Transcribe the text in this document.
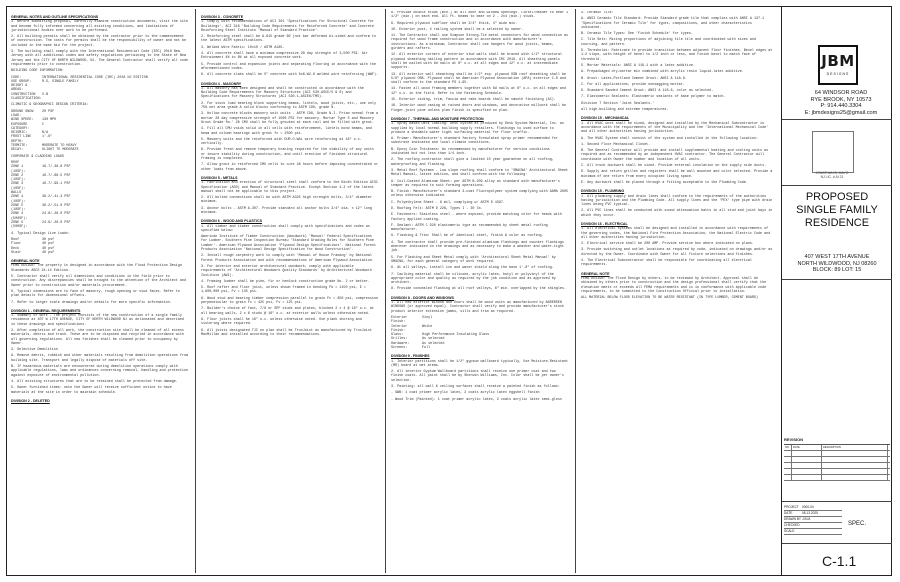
GENERAL NOTES AND OUTLINE SPECIFICATIONS
1. Before submitting proposal, carefully examine construction documents, visit the site and become fully informed concerning all existing conditions, and limitations of jurisdictional bodies over work to be performed.
2. All building permits shall be obtained by the contractor prior to the commencement of construction. The costs for permits shall be the responsibility of owner and not be included in the base bid for the project.
3. The building shall comply with the International Residential Code (IRC) 2018 New Jersey with all additional codes and safety regulations pertaining to the State of New Jersey and the CITY OF NORTH WILDWOOD, NJ. The General Contractor shall verify all code requirements prior to construction.
BUILDING CODE INFORMATION:
CODE:	INTERNATIONAL RESIDENTIAL CODE (IRC) 2018 NJ EDITION
USE GROUP:	R-5, SINGLE FAMILY
HEIGHT & AREAS:
CONSTRUCTION CLASSIFICATION:
V-B
CLIMATIC & GEOGRAPHIC DESIGN CRITERIA:
GROUND SNOW LOAD:
20 PSF
WIND SPEED:	130 MPH
EXPOSURE CATEGORY:
C
SEISMIC:	N/A
FROST LINE DEPTH:
1'-6"
TERMITE:	MODERATE TO HEAVY
DECAY:	SLIGHT TO MODERATE
CORPORATE & CLADDING LOADS
ROOF
ZONE 1 (10SF):
16.7/-38.8 PSF
ZONE 2 (10SF):
16.7/-68.5 PSF
ZONE 3 (10SF):
16.7/-99.1 PSF
WALLS
ZONE 4 (10SF):
38.2/-41.3 PSF
ZONE 5 (10SF):
38.2/-51.0 PSF
ZONE 4 (500SF):
24.8/-28.0 PSF
ZONE 5 (500SF):
24.8/-28.0 PSF
4. Typical Design Live Loads:
Roof	30 psf
Floor	40 psf
Deck	40 psf
Stair	40 psf
GENERAL NOTE
FEMA DESIGN: The property is designed in accordance with the Flood Protection Design Standards ASCE 24-14 Edition.
5. Contractor shall verify all dimensions and conditions in the field prior to construction. Any discrepancies shall be brought to the attention of the Architect and Owner prior to construction and/or materials procurement.
6. Typical dimensions are to face of masonry, rough opening or stud faces. Refer to plan details for dimensional offsets.
7. Refer to larger scale drawings and/or details for more specific information.
DIVISION 1 - GENERAL REQUIREMENTS
1. Summary of Work - The project consists of the new construction of a single family residence at 407 W 17TH AVENUE, CITY OF NORTH WILDWOOD NJ as delineated and described in these drawings and specifications.
2. After completion of all work, the construction site shall be cleaned of all excess materials, debris and trash. These are to be disposed and recycled in accordance with all governing regulations. All new finishes shall be cleaned prior to occupancy by Owner.
3. Selective Demolition
A. Remove debris, rubbish and other materials resulting from demolition operations from building site. Transport and legally dispose of materials off site.
B. If hazardous materials are encountered during demolition operations comply with applicable regulations, laws and ordinances concerning removal, handling and protection against exposure of environmental pollution.
4. All existing structures that are to be retained shall be protected from damage.
5. Owner furnished items: note the Owner will receive sufficient notice to have materials at the site in order to maintain schedule.
DIVISION 2 - DELETED
DIVISION 3 - CONCRETE
1. Comply with recommendations of ACI 301 'Specifications for Structural Concrete for Buildings', ACI 318 'Building Code Requirements for Reinforced Concrete' and Concrete Reinforcing Steel Institute 'Manual of Standard Practice'.
2. Reinforcing steel shall be A-615 grade 60 (not bar deformed bi-sided and conform to the latest ASTM specifications.
3. Welded Wire Fabric: 10x10 / ASTM A185.
4. All concrete shall have a minimum compressive 28 day strength of 3,500 PSI. Air Entrainment 4% to 6% at all exposed concrete work.
5. Provide control and expansion joints and separating flooring in accordance with the aforementioned codes.
6. All concrete slabs shall be 5" concrete with 6x6-W2.9 welded wire reinforcing (WWF).
DIVISION 4 - MASONRY
1. All masonry has been designed and shall be constructed in accordance with the Building Code Requirements for Masonry Structures (ACI 530-ASCE/5 & 6) and Specifications for Masonry Structures (ACI 530.1-ASCE6/TMS).
2. For stock load bearing block supporting beams, lintels, wood joists, etc., use only 75% net area grade A solid blocks conforming to ASTM C90, grade N.
3. Hollow concrete blocks masonry unit units - ASTM C90, Grade N-I. Prism normal from a mortar 28 day compressive strength of 1500 PSI for masonry. Mortar Type S and Masonry Grout Grade fm.' 28 CMU shall be fully grouted at each rail and be filled with grout.
4. Fill all CMU voids solid in all cells with reinforcement, lintels bond beams, and beam and column bearings with grout fc = 2500 psi.
5. Masonry units and the reinforced with DUR-O-WAL wire reinforcing at 16" o.c. vertically.
6. Provide fresh and remove temporary bracing required for the stability of any units or insure stability during construction, and until erection of finished structural framing is completed.
7. Allow grout in reinforced CMU cells to cure 48 hours before imposing concentrated or other loads from above.
DIVISION 5 - METALS
1. Fabrication and erection of structural steel shall conform to the Ninth Edition AISC Specification (ASD) and Manual of Standard Practice. Except Section 4.2 of the latest manual shall not be applicable to this project.
2. All bolted connections shall be with ASTM A325 high strength bolts, 3/4" diameter minimum.
3. Anchor bolts - ASTM A-307. Provide standard all anchor bolts 3/4" dia. x 12" long minimum.
DIVISION 6 - WOOD AND PLASTICS
1. All timber and timber construction shall comply with specifications and codes as specified below:
American Institute of Timber Construction (Woodwork) 'Manual' Federal Specifications for Lumber. Southern Pine Inspection Bureau 'Standard Grading Rules for Southern Pine Lumber'. American Plywood Association 'Plywood Design Specifications'. National Forest Products Association 'National Design Specification for Wood Construction'.
2. Install rough carpentry work to comply with 'Manual of House Framing' by National Forest Products Association and with recommendations of American Plywood Association.
3. For interior and exterior architectural woodwork, comply with applicable requirements of 'Architectural Woodwork Quality Standards' by Architectural Woodwork Institute (AWI).
4. Framing lumber shall be pine, fir or hemlock construction grade No. 2 or better.
5. Roof rafter and floor joist, unless shown framed in bending Fb = 1150 psi, E = 1,600,000 psi, Fv = 135 psi.
6. Wood stud and bearing timber compression parallel to grain Fc = 850 psi, compression perpendicular to grain Fc = 425 psi, Fv = 125 psi.
7. Builder's choice of fast, 7/8 or SPF studs and plates, blocked 2 x 4 @ 16" o.c. at all bearing walls, 2 x 6 studs @ 16" o.c. at exterior walls unless otherwise noted.
8. Floor joists shall be 16" o.c. unless otherwise noted. Use plank shoring and sistering where required.
9. All joists designated TJI on plan shall be TrusJoist as manufactured by TrusJoist MacMillan and installed according to their recommendations.
8. Provide double studs (min.) at all door and window openings. Lintel/Header to bear 1 1/2" (min.) on each end. All ft. beams to bear on 2 - 2x4 (min.) studs.
9. Required plywood subfloor shall be 3/4" thick, 4" wide min.
10. Exterior post, 4 railing system shall be a selected by owner.
11. The Contractor shall use Simpson Strong-Tie metal connectors for wood connection as required for wood frame construction and in accordance with manufacturer's instructions. As a minimum, Contractor shall use hangers for wood joists, beams, girders and rafters.
12. All exterior corners of exterior stud walls shall be braced with 1/2" structural plywood sheathing nailing pattern in accordance with IRC 2018. All sheathing panels shall be nailed with 8d nails at 6" o.c. at all edges and 12" o.c. at intermediate supports.
13. All exterior wall sheathing shall be 1/2" exp. plywood OSB roof sheathing shall be 5/8" plywood OSB. Plywood shall be American Plywood Association (APA) exterior C-D and shall conform to the standard PS 1-95.
14. Fasten all wood framing members together with 8d nails at 6" o.c. on all edges and 12" o.c. in the field. Refer to the Fastening Schedule.
15. Exterior siding, trim, fascia and rake boards shall be smooth finishing (AC).
16. Interior wood casing at raised doors and windows, and decorative millwork shall be finger-joint pine unless plan finish is specified on plan.
DIVISION 7 - THERMAL AND MOISTURE PROTECTION
1. Spray Based Deck Coating: Desk System as produced by Desk System Material, Inc. as supplied by local normal building supply retailers. Flashings to used surface to produce a shedable water tight surfacing material for floor traffic.
A. Primer: Manufacturer's standard factory formulated spray primer recommended for substrate indicated and local climate conditions.
B. Epoxy Coin Thickness: As recommended by manufacturer for service conditions indicated but not less than 1/4 inch.
2. The roofing contractor shall give a limited 10 year guarantee on all roofing, waterproofing and flashing.
3. Metal Roof Systems - Low slope roofing shall conform to 'SMACNA' Architectural Sheet Metal Manual, latest edition, and shall conform with the following:
A. Coil-Coated Aluminum Sheet: per ASTM B-209 alloy as standard with manufacturer's temper as required to suit forming operations.
B. Finish: Manufacturer's standard 3-coat Fluoropolymer system complying with AAMA 2605 unless otherwise indicated.
C. Polyethylene Sheet - 6 mil, complying w/ ASTM D 4397.
D. Roofing Felt: ASTM D 226, Types I - 30 lb.
E. Fasteners: Stainless steel - where exposed, provide matching color for heads with factory applied coating.
F. Sealant: ASTM C 920 elastomeric type as recommended by sheet metal roofing manufacturer.
G. Flashing & Trim: Shall be of identical steel, finish & color as roofing.
4. The contractor shall provide pre-finished aluminum flashings and counter flashings wherever indicated on the drawings and as necessary to make a weather and water-tight job.
5. For Flashing and Sheet Metal comply with 'Architectural Sheet Metal Manual' by SMACNA, for each general category of work required.
6. At all valleys, install ice and water shield along the base 1'-6" of roofing.
7. Caulking material shall be silicone, acrylic latex, butyl or polyvinyl of the appropriate color and quality as required by the job condition and as approved by architect.
8. Provide concealed flashing at all roof valleys, 6" min. overlapped by the shingles.
DIVISION 8 - DOORS AND WINDOWS
1. All new exterior Window and Doors shall be wood units as manufactured by ANDERSEN WINDOWS (or approved equal). Contractor shall verify and provide manufacturer's stock product interior extension jambs, sills and trim as required.
Exterior Finish:
Vinyl
Interior Finish:
White
Glass:	High Performance Insulating Glass
Grilles:	As selected
Hardware:	As selected
Screens:	Full
DIVISION 9 - FINISHES
1. Interior partitions shall be 1/2" gypsum wallboard typically, Use Moisture-Resistant (MR) board at wet areas.
2. All interior Gypsum Wallboard partitions shall receive one primer coat and two finish coats. All paint shall be by Sherwin Williams, Inc. Color shall be per owner's selection.
3. Painting: all wall & ceiling surfaces shall receive a painted finish as follows:
- GWB: 1 coat primer acrylic latex, 2 coats acrylic latex eggshell finish
- Wood Trim (Painted): 1 coat primer acrylic latex, 2 coats acrylic latex semi-gloss
4. Ceramic Tile:
A. ANSI Ceramic Tile Standard: Provide Standard grade tile that complies with ANSI A 137.1 'Specifications for Ceramic Tile' for types, compositions, and other characteristics indicated.
B. Ceramic Tile Types: See 'Finish Schedule' for types.
C. Tile Sets: Mixing proportions of adjoining tile tile and coordinated with sizes and coursing, and pattern.
D. Thresholds: Fabricate to provide transition between adjacent floor finishes. Bevel edges at 1:2 slope, with height of bevel to 1/2 inch or less, and finish bevel to match face of threshold.
5. Mortar Materials: ANSI A 118.1 with a latex additive.
A. Prepackaged dry-mortar mix combined with acrylic resin liquid-latex additive.
B. Grout: Latex-Portland Cement Grout: ANSI A 118.6.
C. For all applications, provide nonsagging mortar.
6. Standard Sanded Cement Grout: ANSI A 118.6, color as selected.
7. Elastomeric Sealants: Elastomeric sealants of base polymer to match.
Division 7 Section 'Joint Sealants.'
all high-building and extreme temperatures.
DIVISION 15 - MECHANICAL
1. All HVAC work shall be sized, designed and installed by the Mechanical Subcontractor in accordance with the requirements of the Municipality and the 'International Mechanical Code' and all other authorities having jurisdiction.
A. The HVAC System shall consist of the system and installed in the following location:
1. Second Floor Mechanical Closet.
B. The General Contractor will provide and install supplemental heating and cooling units as required and as recommended by an independent HVAC contractor. The General Contractor will coordinate with Owner the number and location of all units.
C. All trunk ductwork shall be sized. Provide external insulation on the supply side ducts.
D. Supply and return grilles and registers shall be wall mounted and color selected. Provide a minimum of one return from every occupied living space.
E. Any ductwork shall be placed through a fitting acceptable to the Plumbing Code.
DIVISION 15 - PLUMBING
1. All plumbing supply and drain lines shall conform to the requirements of the authorities having jurisdiction and the Plumbing Code. All supply lines and the 'PEX' type pipe with drain lines being PVC typical.
2. All PVC lines shall be conducted with sound attenuation batts in all stud and joist bays in which they occur.
DIVISION 16 - ELECTRICAL
1. All electrical systems shall be designed and installed in accordance with requirements of the governing codes, the National Fire Protection Association, the National Electric Code and all other authorities having jurisdiction.
2. Electrical service shall be 200 AMP. Provide service box where indicated on plans.
3. Provide switching and outlet locations as required by code, indicated on drawings and/or as directed by the Owner. Coordinate with Owner for all fixture selections and finishes.
4. The Electrical Subcontractor shall be responsible for coordinating all electrical requirements.
GENERAL NOTE
FEMA DESIGN: The Flood Design by others, to be reviewed by Architect. Approval shall be obtained by others prior to construction and the design professional shall certify that the elevation meets or exceeds all FEMA requirements and is in conformance with applicable code requirements, to be submitted to the Construction Official prior to installation.
ALL MATERIAL BELOW FLOOD ELEVATION TO BE WATER RESISTANT (IN TYPE LUMBER, CEMENT BOARD)
JBM
DESIGNS
64 WINDSOR ROAD
RYE BROOK, NY 10573
P: 914.440.3304
E: jbmdesigns25@gmail.com
JONATHAN B. MAYO
NJ LIC. # AI 21
PROPOSED
SINGLE FAMILY
RESIDENCE
407 WEST 17TH AVENUE
NORTH WILDWOOD, NJ 08260
BLOCK: 89 LOT: 15
REVISION
NO.	DATE	DESCRIPTION
PROJECT 0000-04
DATE	08.13.2025
DRAWN BY J.B.M.
CHECKED
SCALE
SPEC.
C-1.1
